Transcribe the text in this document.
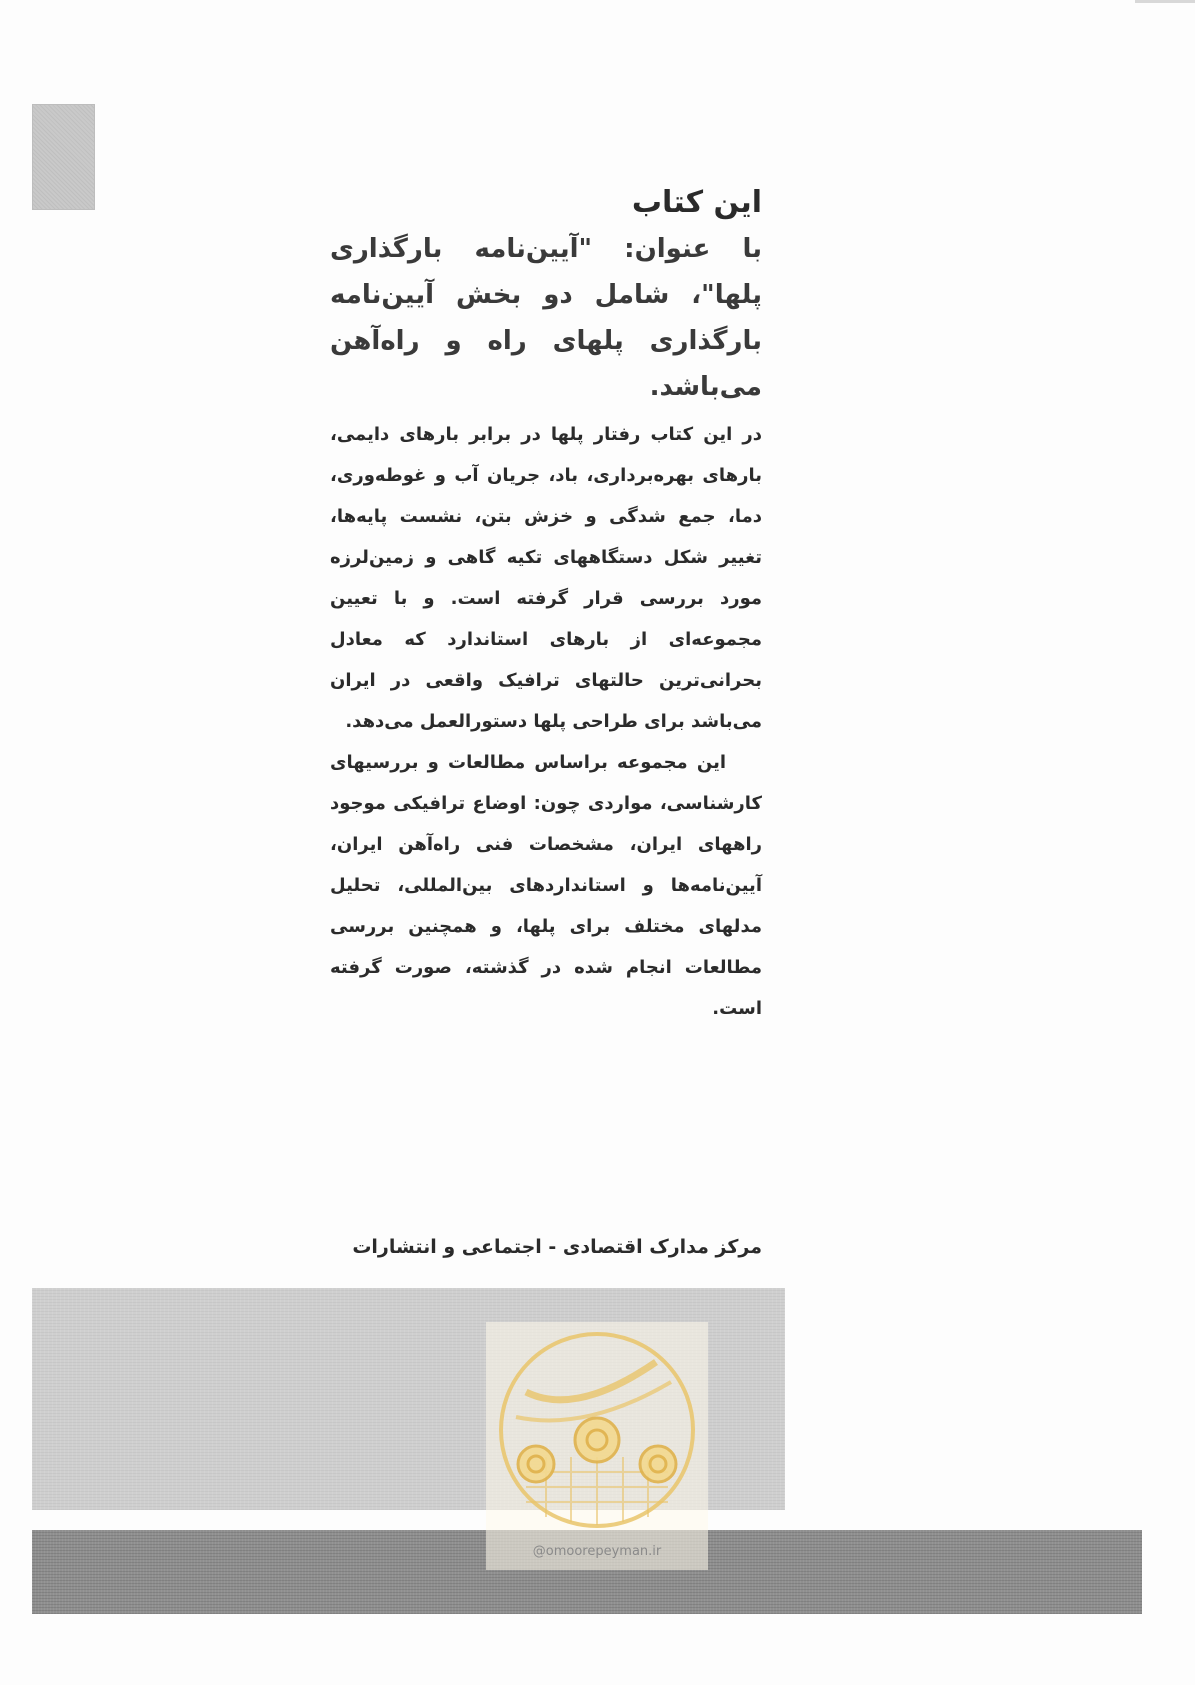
این کتاب
با عنوان: "آیین‌نامه بارگذاری پلها"، شامل دو بخش آیین‌نامه بارگذاری پلهای راه و راه‌آهن می‌باشد.

در این کتاب رفتار پلها در برابر بارهای دایمی، بارهای بهره‌برداری، باد، جریان آب و غوطه‌وری، دما، جمع شدگی و خزش بتن، نشست پایه‌ها، تغییر شکل دستگاههای تکیه گاهی و زمین‌لرزه مورد بررسی قرار گرفته است. و با تعیین مجموعه‌ای از بارهای استاندارد که معادل بحرانی‌ترین حالتهای ترافیک واقعی در ایران می‌باشد برای طراحی پلها دستورالعمل می‌دهد.

این مجموعه براساس مطالعات و بررسیهای کارشناسی، مواردی چون: اوضاع ترافیکی موجود راههای ایران، مشخصات فنی راه‌آهن ایران، آیین‌نامه‌ها و استانداردهای بین‌المللی، تحلیل مدلهای مختلف برای پلها، و همچنین بررسی مطالعات انجام شده در گذشته، صورت گرفته است.

مرکز مدارک اقتصادی - اجتماعی و انتشارات
@omoorepeyman.ir
